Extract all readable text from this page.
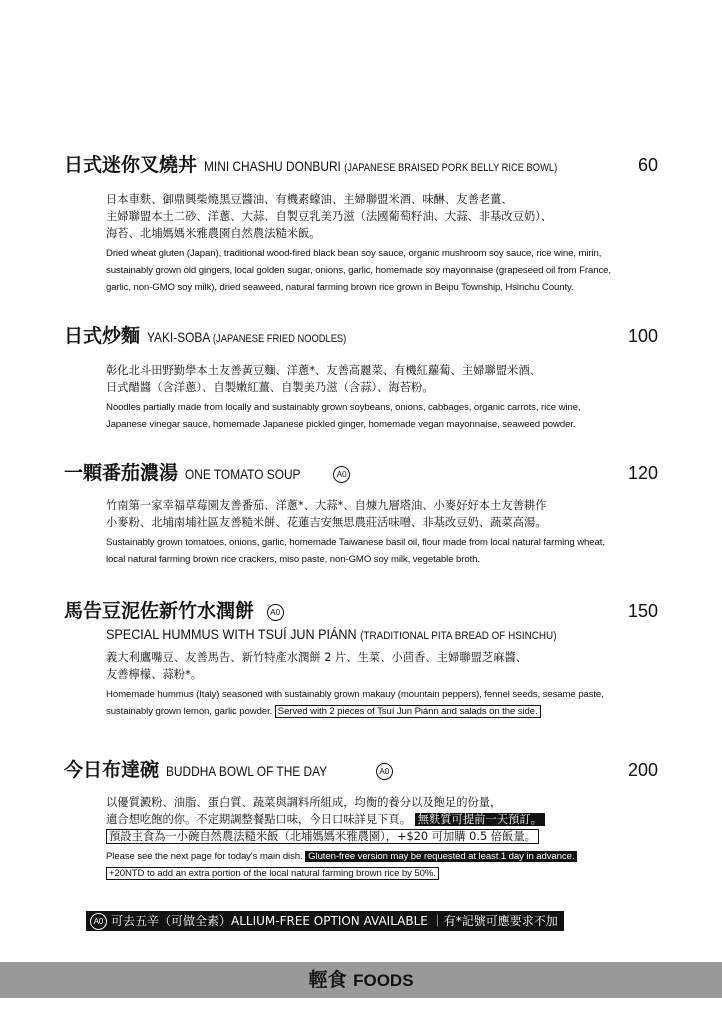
日式迷你叉燒丼 MINI CHASHU DONBURI (JAPANESE BRAISED PORK BELLY RICE BOWL)	60
日本車麩、御鼎興柴燒黑豆醬油、有機素蠔油、主婦聯盟米酒、味醂、友善老薑、
主婦聯盟本土二砂、洋蔥、大蒜、自製豆乳美乃滋（法國葡萄籽油、大蒜、非基改豆奶）、
海苔、北埔媽媽米雅農園自然農法糙米飯。
Dried wheat gluten (Japan), traditional wood-fired black bean soy sauce, organic mushroom soy sauce, rice wine, mirin,
sustainably grown old gingers, local golden sugar, onions, garlic, homemade soy mayonnaise (grapeseed oil from France,
garlic, non-GMO soy milk), dried seaweed, natural farming brown rice grown in Beipu Township, Hsinchu County.
日式炒麵 YAKI-SOBA (JAPANESE FRIED NOODLES)	100
彰化北斗田野勤學本土友善黃豆麵、洋蔥*、友善高麗菜、有機紅蘿蔔、主婦聯盟米酒、
日式醋醬（含洋蔥）、自製嫩紅薑、自製美乃滋（含蒜）、海苔粉。
Noodles partially made from locally and sustainably grown soybeans, onions, cabbages, organic carrots, rice wine,
Japanese vinegar sauce, homemade Japanese pickled ginger, homemade vegan mayonnaise, seaweed powder.
一顆番茄濃湯 ONE TOMATO SOUP	A0	120
竹南第一家幸福草莓園友善番茄、洋蔥*、大蒜*、自煉九層塔油、小麥好好本土友善耕作
小麥粉、北埔南埔社區友善糙米餅、花蓮吉安無思農莊活味噌、非基改豆奶、蔬菜高湯。
Sustainably grown tomatoes, onions, garlic, homemade Taiwanese basil oil, flour made from local natural farming wheat,
local natural farming brown rice crackers, miso paste, non-GMO soy milk, vegetable broth.
馬告豆泥佐新竹水潤餅 A0	150
SPECIAL HUMMUS WITH TSUÍ JUN PIÁNN (TRADITIONAL PITA BREAD OF HSINCHU)
義大利鷹嘴豆、友善馬告、新竹特產水潤餅 2 片、生菜、小茴香、主婦聯盟芝麻醬、
友善檸檬、蒜粉*。
Homemade hummus (Italy) seasoned with sustainably grown makauy (mountain peppers), fennel seeds, sesame paste,
sustainably grown lemon, garlic powder. Served with 2 pieces of Tsuí Jun Piánn and salads on the side.
今日布達碗 BUDDHA BOWL OF THE DAY	A0	200
以優質澱粉、油脂、蛋白質、蔬菜與調料所組成，均衡的養分以及飽足的份量，
適合想吃飽的你。不定期調整餐點口味，今日口味詳見下頁。 無麩質可提前一天預訂。
預設主食為一小碗自然農法糙米飯（北埔媽媽米雅農園），+$20 可加購 0.5 倍飯量。
Please see the next page for today's main dish. Gluten-free version may be requested at least 1 day in advance.
+20NTD to add an extra portion of the local natural farming brown rice by 50%.
A0 可去五辛（可做全素）ALLIUM-FREE OPTION AVAILABLE ｜有*記號可應要求不加
輕食 FOODS
